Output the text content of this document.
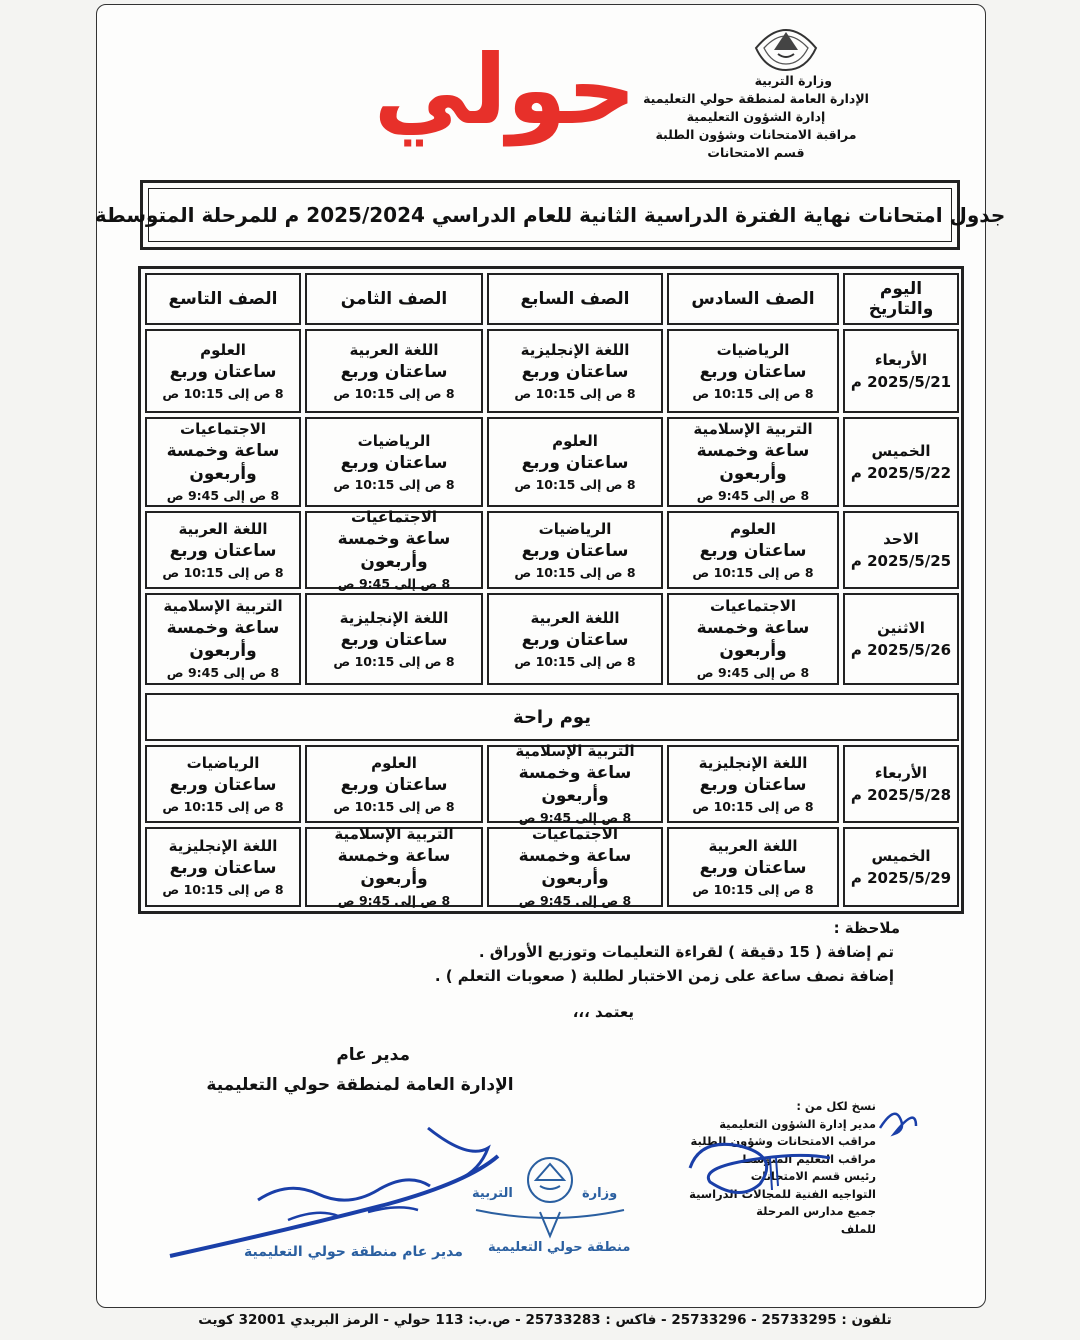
وزارة التربية
الإدارة العامة لمنطقة حولي التعليمية
إدارة الشؤون التعليمية
مراقبة الامتحانات وشؤون الطلبة
قسم الامتحانات
حولي
جدول امتحانات نهاية الفترة الدراسية الثانية للعام الدراسي 2025/2024 م للمرحلة المتوسطة
اليوم والتاريخ
الصف السادس
الصف السابع
الصف الثامن
الصف التاسع
الأربعاء
2025/5/21 م
الرياضيات
ساعتان وربع
8 ص إلى 10:15 ص
اللغة الإنجليزية
ساعتان وربع
8 ص إلى 10:15 ص
اللغة العربية
ساعتان وربع
8 ص إلى 10:15 ص
العلوم
ساعتان وربع
8 ص إلى 10:15 ص
الخميس
2025/5/22 م
التربية الإسلامية
ساعة وخمسة وأربعون
8 ص إلى 9:45 ص
العلوم
ساعتان وربع
8 ص إلى 10:15 ص
الرياضيات
ساعتان وربع
8 ص إلى 10:15 ص
الاجتماعيات
ساعة وخمسة
وأربعون
8 ص إلى 9:45 ص
الاحد
2025/5/25 م
العلوم
ساعتان وربع
8 ص إلى 10:15 ص
الرياضيات
ساعتان وربع
8 ص إلى 10:15 ص
الاجتماعيات
ساعة وخمسة وأربعون
8 ص إلى 9:45 ص
اللغة العربية
ساعتان وربع
8 ص إلى 10:15 ص
الاثنين
2025/5/26 م
الاجتماعيات
ساعة وخمسة وأربعون
8 ص إلى 9:45 ص
اللغة العربية
ساعتان وربع
8 ص إلى 10:15 ص
اللغة الإنجليزية
ساعتان وربع
8 ص إلى 10:15 ص
التربية الإسلامية
ساعة وخمسة
وأربعون
8 ص إلى 9:45 ص
يوم راحة
الأربعاء
2025/5/28 م
اللغة الإنجليزية
ساعتان وربع
8 ص إلى 10:15 ص
التربية الإسلامية
ساعة وخمسة وأربعون
8 ص إلى 9:45 ص
العلوم
ساعتان وربع
8 ص إلى 10:15 ص
الرياضيات
ساعتان وربع
8 ص إلى 10:15 ص
الخميس
2025/5/29 م
اللغة العربية
ساعتان وربع
8 ص إلى 10:15 ص
الاجتماعيات
ساعة وخمسة وأربعون
8 ص إلى 9:45 ص
التربية الإسلامية
ساعة وخمسة وأربعون
8 ص إلى 9:45 ص
اللغة الإنجليزية
ساعتان وربع
8 ص إلى 10:15 ص
ملاحظة :
تم إضافة ( 15 دقيقة ) لقراءة التعليمات وتوزيع الأوراق .
إضافة نصف ساعة على زمن الاختبار لطلبة ( صعوبات التعلم ) .
يعتمد ،،،
مدير عام
الإدارة العامة لمنطقة حولي التعليمية
نسخ لكل من :
مدير إدارة الشؤون التعليمية
مراقب الامتحانات وشؤون الطلبة
مراقب التعليم المتوسط
رئيس قسم الامتحانات
التواجيه الفنية للمجالات الدراسية
جميع مدارس المرحلة
للملف
وزارة
التربية
منطقة حولي التعليمية
مدير عام منطقة حولي التعليمية
تلفون : 25733295 - 25733296 - فاكس : 25733283 - ص.ب: 113 حولي - الرمز البريدي 32001 كويت
